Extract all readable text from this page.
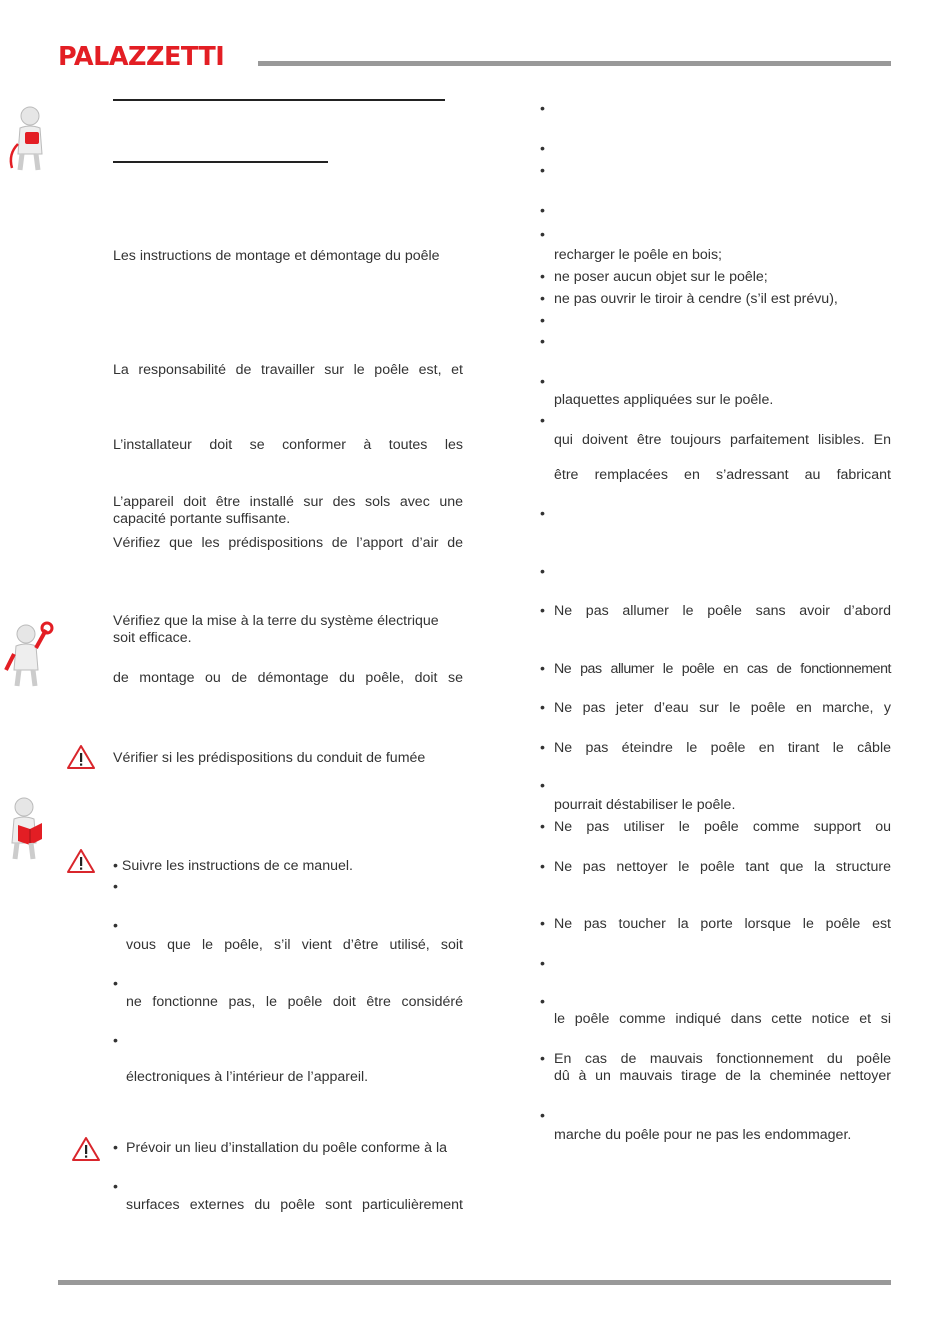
PALAZZETTI
Les instructions de montage et démontage du poêle
La responsabilité de travailler sur le poêle est, et
L’installateur doit se conformer à toutes les
L’appareil doit être installé sur des sols avec une
capacité portante suffisante.
Vérifiez que les prédispositions de l’apport d’air de
Vérifiez que la mise à la terre du système électrique
soit efficace.
de montage ou de démontage du poêle, doit se
Vérifier si les prédispositions du conduit de fumée
• Suivre les instructions de ce manuel.
•
•
vous que le poêle, s’il vient d’être utilisé, soit
•
ne fonctionne pas, le poêle doit être considéré
•
électroniques à l’intérieur de l’appareil.
•
Prévoir un lieu d’installation du poêle conforme à la
•
surfaces externes du poêle sont particulièrement
•
•
•
•
•
recharger le poêle en bois;
•
ne poser aucun objet sur le poêle;
•
ne pas ouvrir le tiroir à cendre (s’il est prévu),
•
•
•
plaquettes appliquées sur le poêle.
•
qui doivent être toujours parfaitement lisibles. En
être remplacées en s’adressant au fabricant
•
•
•
Ne pas allumer le poêle sans avoir d’abord
•
Ne pas allumer le poêle en cas de fonctionnement
•
Ne pas jeter d’eau sur le poêle en marche, y
•
Ne pas éteindre le poêle en tirant le câble
•
pourrait déstabiliser le poêle.
•
Ne pas utiliser le poêle comme support ou
•
Ne pas nettoyer le poêle tant que la structure
•
Ne pas toucher la porte lorsque le poêle est
•
•
le poêle comme indiqué dans cette notice et si
•
En cas de mauvais fonctionnement du poêle
dû à un mauvais tirage de la cheminée nettoyer
•
marche du poêle pour ne pas les endommager.
